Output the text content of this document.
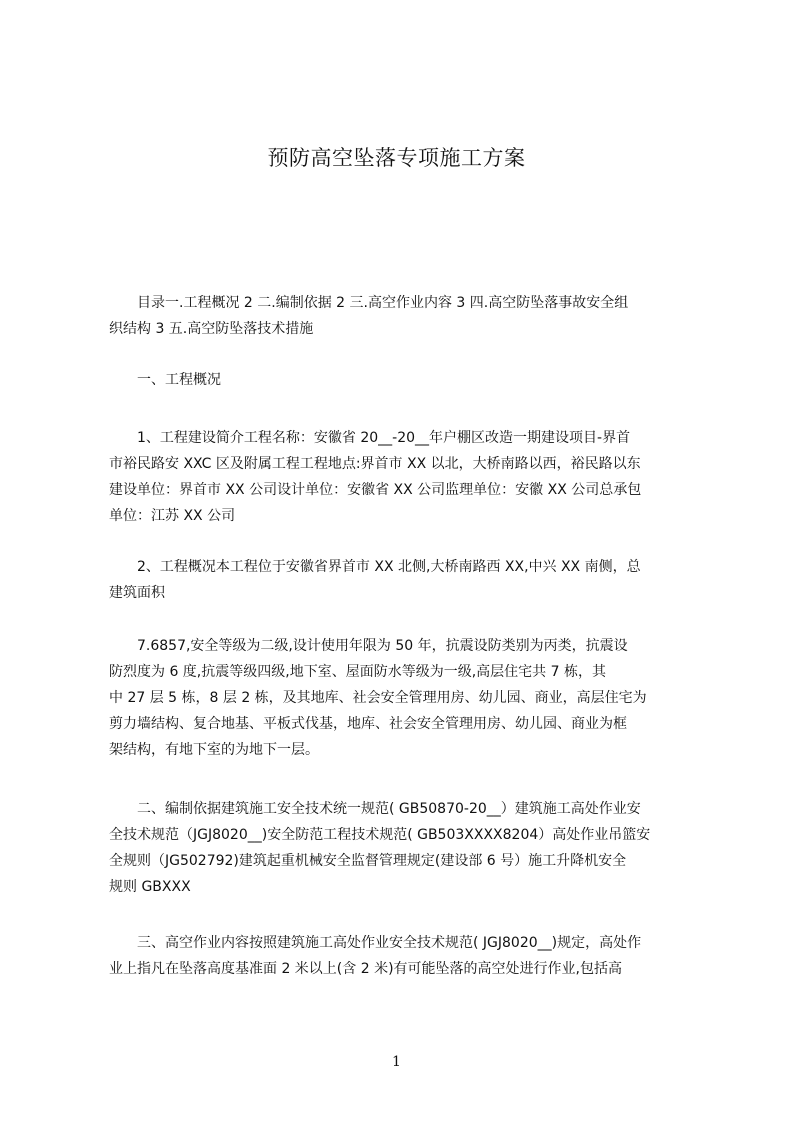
预防高空坠落专项施工方案
　　目录一.工程概况 2 二.编制依据 2 三.高空作业内容 3 四.高空防坠落事故安全组
织结构 3 五.高空防坠落技术措施
　　一、工程概况
　　1、工程建设简介工程名称：安徽省 20__-20__年户棚区改造一期建设项目-界首
市裕民路安 XXC 区及附属工程工程地点:界首市 XX 以北，大桥南路以西，裕民路以东
建设单位：界首市 XX 公司设计单位：安徽省 XX 公司监理单位：安徽 XX 公司总承包
单位：江苏 XX 公司
　　2、工程概况本工程位于安徽省界首市 XX 北侧,大桥南路西 XX,中兴 XX 南侧，总
建筑面积
　　7.6857,安全等级为二级,设计使用年限为 50 年，抗震设防类别为丙类，抗震设
防烈度为 6 度,抗震等级四级,地下室、屋面防水等级为一级,高层住宅共 7 栋，其
中 27 层 5 栋，8 层 2 栋，及其地库、社会安全管理用房、幼儿园、商业，高层住宅为
剪力墙结构、复合地基、平板式伐基，地库、社会安全管理用房、幼儿园、商业为框
架结构，有地下室的为地下一层。
　　二、编制依据建筑施工安全技术统一规范( GB50870-20__）建筑施工高处作业安
全技术规范（JGJ8020__)安全防范工程技术规范( GB503XXXX8204）高处作业吊篮安
全规则（JG502792)建筑起重机械安全监督管理规定(建设部 6 号）施工升降机安全
规则 GBXXX
　　三、高空作业内容按照建筑施工高处作业安全技术规范( JGJ8020__)规定，高处作
业上指凡在坠落高度基准面 2 米以上(含 2 米)有可能坠落的高空处进行作业,包括高
1
